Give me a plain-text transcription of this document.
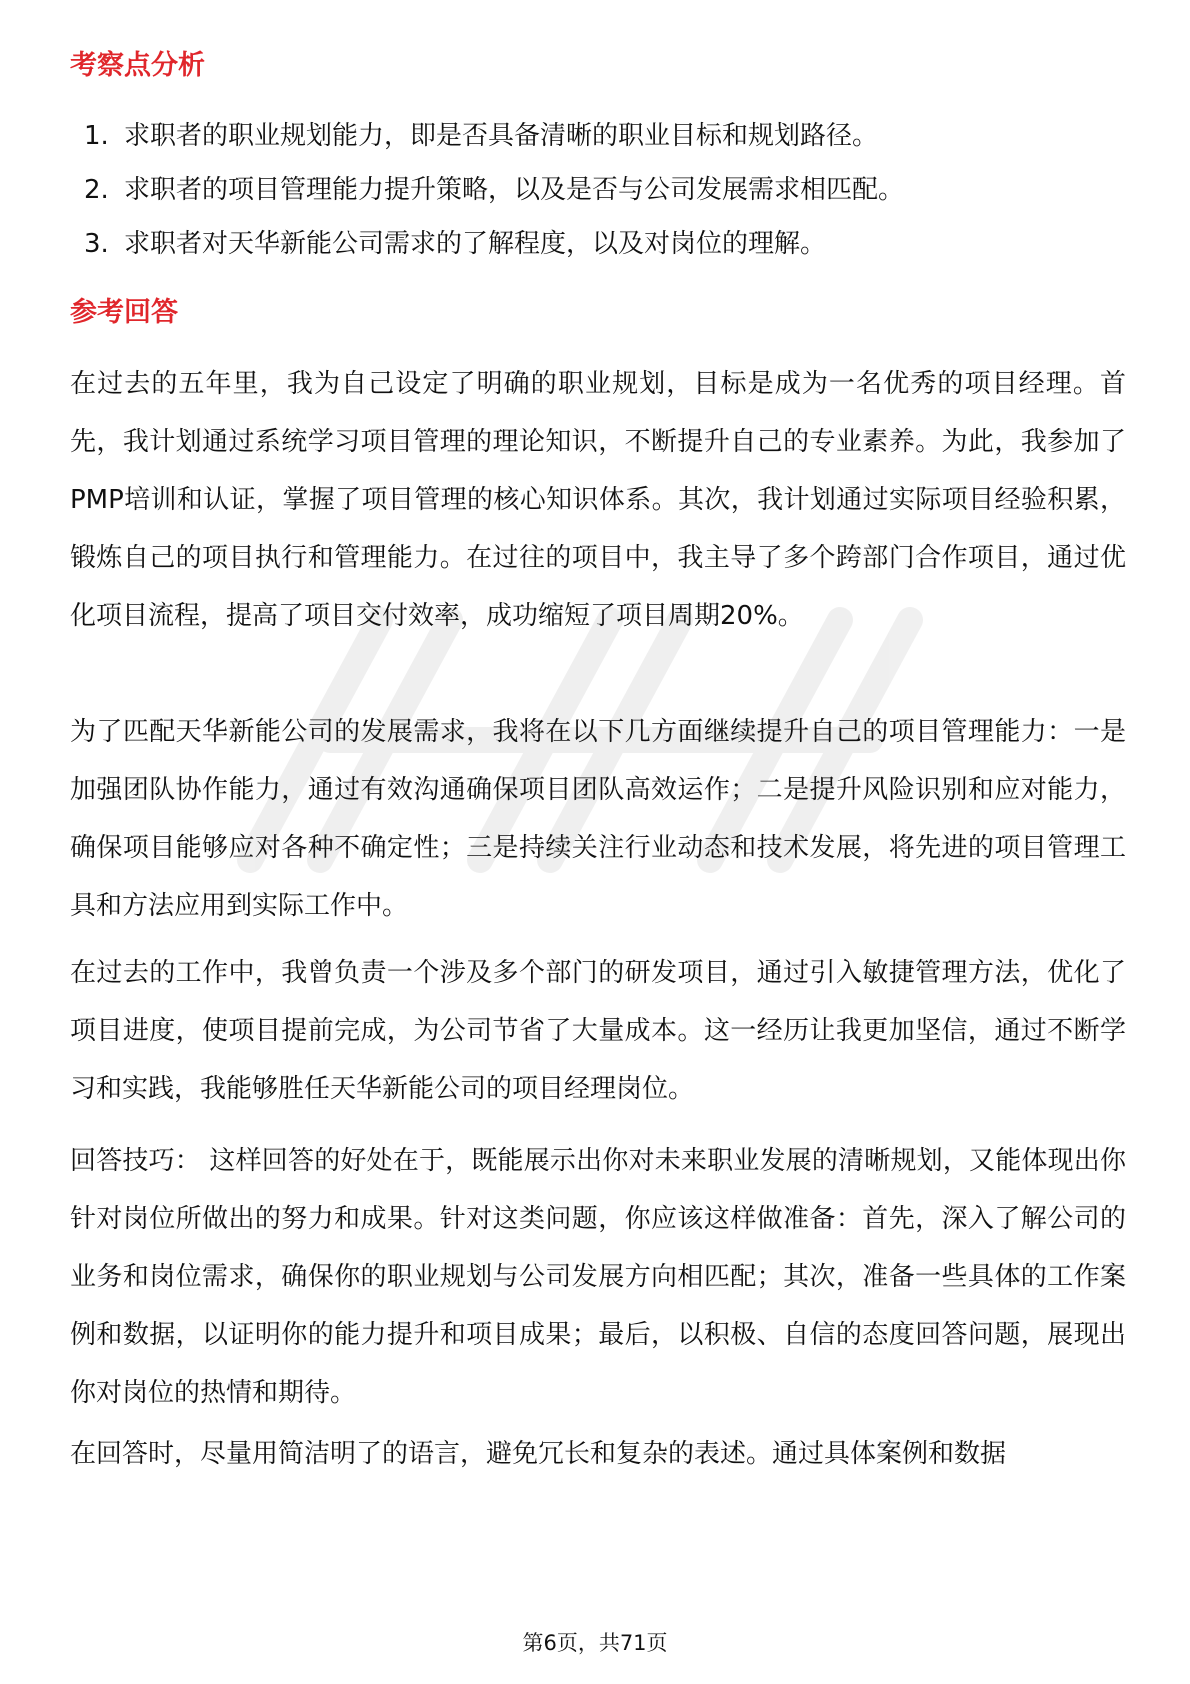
考察点分析
1. 求职者的职业规划能力，即是否具备清晰的职业目标和规划路径。
2. 求职者的项目管理能力提升策略，以及是否与公司发展需求相匹配。
3. 求职者对天华新能公司需求的了解程度，以及对岗位的理解。
参考回答

在过去的五年里，我为自己设定了明确的职业规划，目标是成为一名优秀的项目经理。首先，我计划通过系统学习项目管理的理论知识，不断提升自己的专业素养。为此，我参加了PMP培训和认证，掌握了项目管理的核心知识体系。其次，我计划通过实际项目经验积累，锻炼自己的项目执行和管理能力。在过往的项目中，我主导了多个跨部门合作项目，通过优化项目流程，提高了项目交付效率，成功缩短了项目周期20%。

为了匹配天华新能公司的发展需求，我将在以下几方面继续提升自己的项目管理能力：一是加强团队协作能力，通过有效沟通确保项目团队高效运作；二是提升风险识别和应对能力，确保项目能够应对各种不确定性；三是持续关注行业动态和技术发展，将先进的项目管理工具和方法应用到实际工作中。

在过去的工作中，我曾负责一个涉及多个部门的研发项目，通过引入敏捷管理方法，优化了项目进度，使项目提前完成，为公司节省了大量成本。这一经历让我更加坚信，通过不断学习和实践，我能够胜任天华新能公司的项目经理岗位。

回答技巧： 这样回答的好处在于，既能展示出你对未来职业发展的清晰规划，又能体现出你针对岗位所做出的努力和成果。针对这类问题，你应该这样做准备：首先，深入了解公司的业务和岗位需求，确保你的职业规划与公司发展方向相匹配；其次，准备一些具体的工作案例和数据，以证明你的能力提升和项目成果；最后，以积极、自信的态度回答问题，展现出你对岗位的热情和期待。

在回答时，尽量用简洁明了的语言，避免冗长和复杂的表述。通过具体案例和数据

第6页，共71页
